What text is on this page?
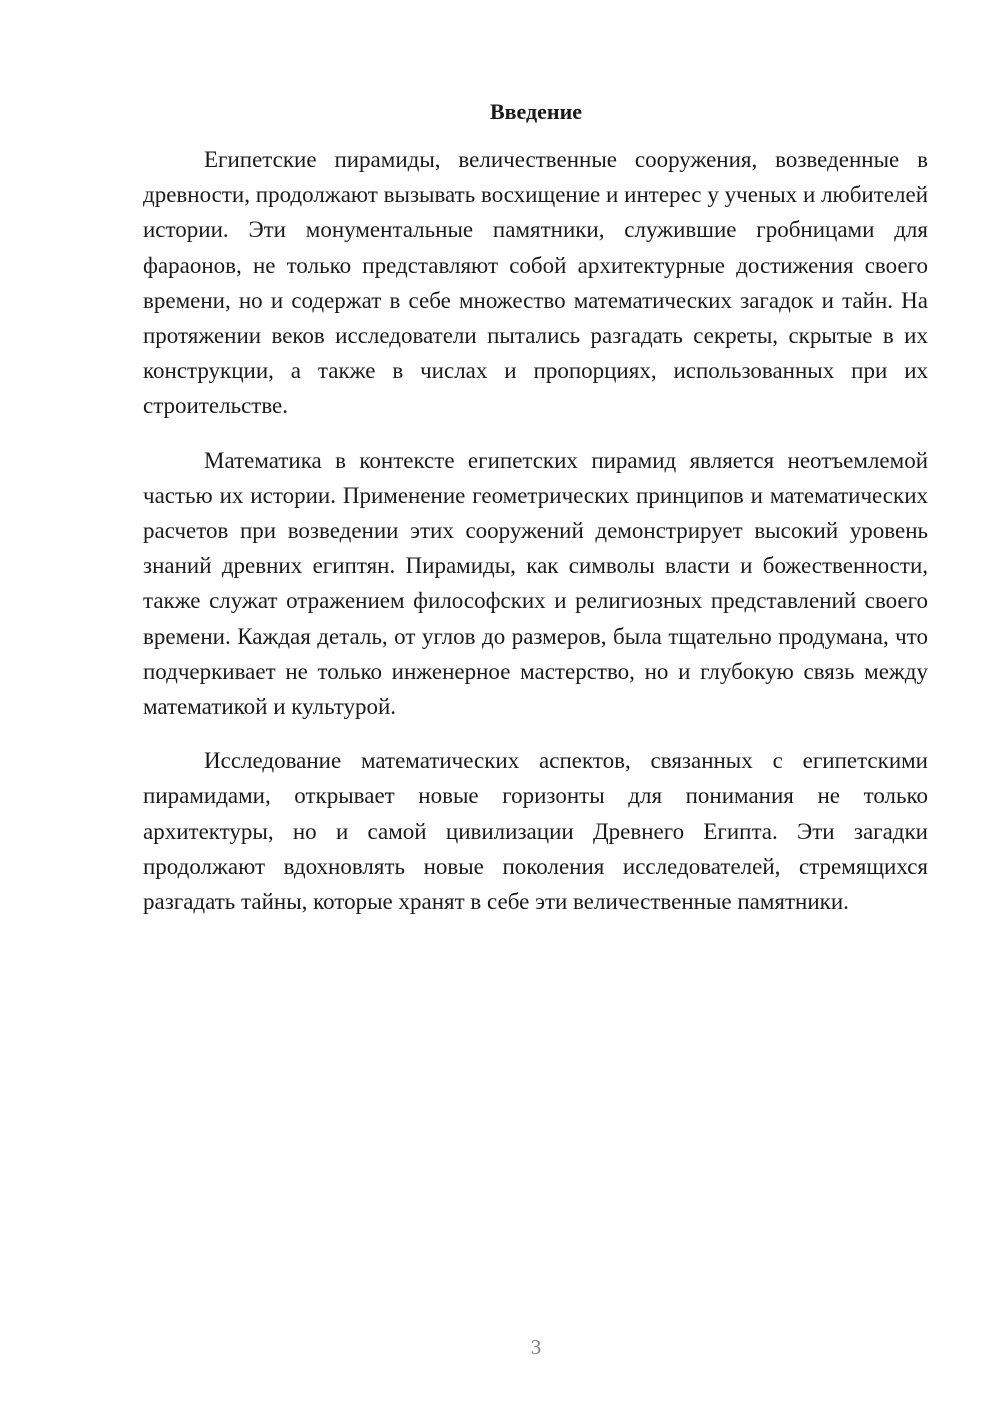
Введение

Египетские пирамиды, величественные сооружения, возведенные в древности, продолжают вызывать восхищение и интерес у ученых и любителей истории. Эти монументальные памятники, служившие гробницами для фараонов, не только представляют собой архитектурные достижения своего времени, но и содержат в себе множество математических загадок и тайн. На протяжении веков исследователи пытались разгадать секреты, скрытые в их конструкции, а также в числах и пропорциях, использованных при их строительстве.

Математика в контексте египетских пирамид является неотъемлемой частью их истории. Применение геометрических принципов и математических расчетов при возведении этих сооружений демонстрирует высокий уровень знаний древних египтян. Пирамиды, как символы власти и божественности, также служат отражением философских и религиозных представлений своего времени. Каждая деталь, от углов до размеров, была тщательно продумана, что подчеркивает не только инженерное мастерство, но и глубокую связь между математикой и культурой.

Исследование математических аспектов, связанных с египетскими пирамидами, открывает новые горизонты для понимания не только архитектуры, но и самой цивилизации Древнего Египта. Эти загадки продолжают вдохновлять новые поколения исследователей, стремящихся разгадать тайны, которые хранят в себе эти величественные памятники.

3
